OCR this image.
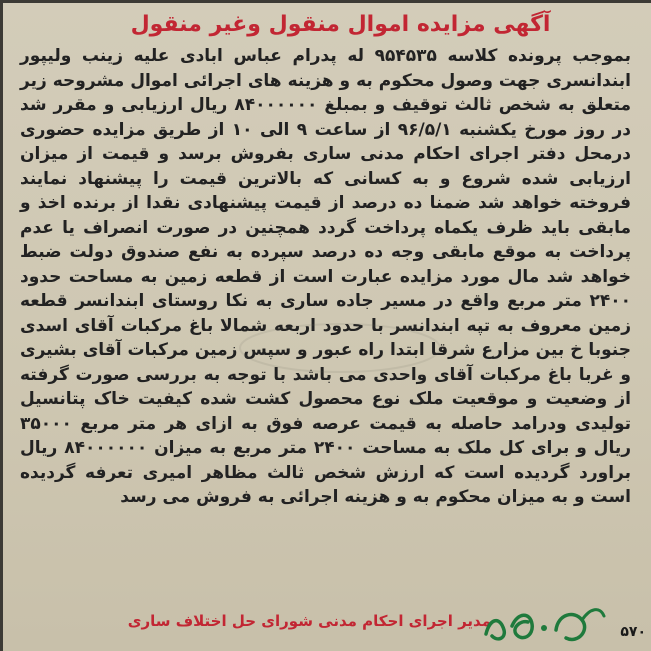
آگهی مزایده اموال منقول وغیر منقول

بموجب پرونده کلاسه ۹۵۴۵۳۵ له پدرام عباس ابادی علیه زینب ولیپور ابندانسری جهت وصول محکوم به و هزینه های اجرائی اموال مشروحه زیر متعلق به شخص ثالث توقیف و بمبلغ ۸۴۰۰۰۰۰۰ ریال ارزیابی و مقرر شد در روز مورخ یکشنبه ۹۶/۵/۱ از ساعت ۹ الی ۱۰ از طریق مزایده حضوری درمحل دفتر اجرای احکام مدنی ساری بفروش برسد و قیمت از میزان ارزیابی شده شروع و به کسانی که بالاترین قیمت را پیشنهاد نمایند فروخته خواهد شد ضمنا ده درصد از قیمت پیشنهادی نقدا از برنده اخذ و مابقی باید ظرف یکماه پرداخت گردد همچنین در صورت انصراف یا عدم پرداخت به موقع مابقی وجه ده درصد سپرده به نفع صندوق دولت ضبط خواهد شد مال مورد مزایده عبارت است از قطعه زمین به مساحت حدود ۲۴۰۰ متر مربع واقع در مسیر جاده ساری به نکا روستای ابندانسر قطعه زمین معروف به تپه ابندانسر با حدود اربعه شمالا باغ مرکبات آقای اسدی جنوبا خ بین مزارع شرقا ابتدا راه عبور و سپس زمین مرکبات آقای بشیری و غربا باغ مرکبات آقای واحدی می باشد با توجه به بررسی صورت گرفته از وضعیت و موقعیت ملک نوع محصول کشت شده کیفیت خاک پتانسیل تولیدی ودرامد حاصله به قیمت عرصه فوق به ازای هر متر مربع ۳۵۰۰۰ ریال و برای کل ملک به مساحت ۲۴۰۰ متر مربع به میزان ۸۴۰۰۰۰۰۰ ریال براورد گردیده است که ارزش شخص ثالث مظاهر امیری تعرفه گردیده است و به میزان محکوم به و هزینه اجرائی به فروش می رسد

مدیر اجرای احکام مدنی شورای حل اختلاف ساری
۵۷۰
